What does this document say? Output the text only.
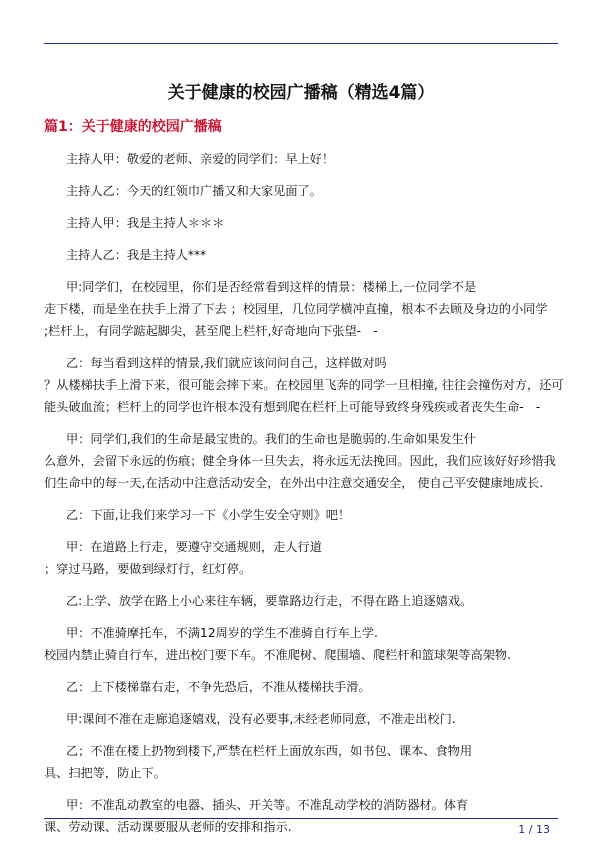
关于健康的校园广播稿（精选4篇）
篇1：关于健康的校园广播稿

主持人甲：敬爱的老师、亲爱的同学们：早上好！

主持人乙：今天的红领巾广播又和大家见面了。

主持人甲：我是主持人＊＊＊

主持人乙：我是主持人***

甲:同学们，在校园里，你们是否经常看到这样的情景：楼梯上,一位同学不是
走下楼，而是坐在扶手上滑了下去 ；校园里，几位同学横冲直撞，根本不去顾及身边的小同学
;栏杆上，有同学踮起脚尖，甚至爬上栏杆,好奇地向下张望-　-

乙：每当看到这样的情景,我们就应该问问自己，这样做对吗
？从楼梯扶手上滑下来，很可能会摔下来。在校园里飞奔的同学一旦相撞, 往往会撞伤对方，还可
能头破血流；栏杆上的同学也许根本没有想到爬在栏杆上可能导致终身残疾或者丧失生命-　-

甲：同学们,我们的生命是最宝贵的。我们的生命也是脆弱的.生命如果发生什
么意外，会留下永远的伤痕；健全身体一旦失去，将永远无法挽回。因此，我们应该好好珍惜我
们生命中的每一天,在活动中注意活动安全，在外出中注意交通安全， 使自己平安健康地成长.

乙：下面,让我们来学习一下《小学生安全守则》吧！

甲：在道路上行走，要遵守交通规则，走人行道
；穿过马路，要做到绿灯行，红灯停。

乙:上学、放学在路上小心来往车辆，要靠路边行走，不得在路上追逐嬉戏。

甲：不准骑摩托车，不满12周岁的学生不准骑自行车上学.
校园内禁止骑自行车，进出校门要下车。不准爬树、爬围墙、爬栏杆和篮球架等高架物.

乙：上下楼梯靠右走，不争先恐后，不准从楼梯扶手滑。

甲:课间不准在走廊追逐嬉戏，没有必要事,未经老师同意，不准走出校门.

乙；不准在楼上扔物到楼下,严禁在栏杆上面放东西，如书包、课本、食物用
具、扫把等，防止下。

甲：不准乱动教室的电器、插头、开关等。不准乱动学校的消防器材。体育
课、劳动课、活动课要服从老师的安排和指示.	1 / 13
